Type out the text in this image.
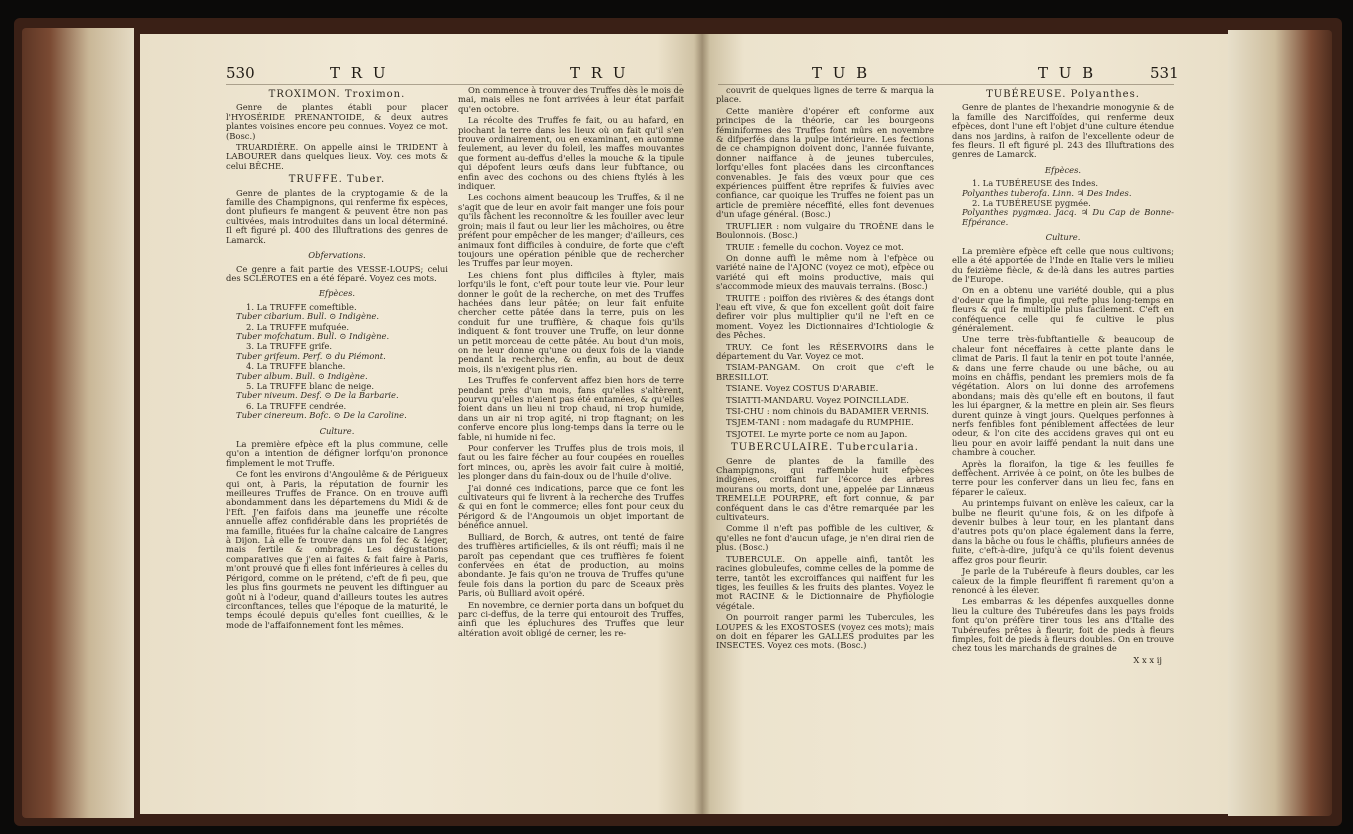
530	T R U	T R U

TROXIMON. Troximon.

Genre de plantes établi pour placer l'HYOSÉRIDE PRENANTOIDE, & deux autres plantes voisines encore peu connues. Voyez ce mot. (Bosc.)

TRUARDIÈRE. On appelle ainsi le TRIDENT à LABOURER dans quelques lieux. Voy. ces mots & celui BÊCHE.

TRUFFE. Tuber.

Genre de plantes de la cryptogamie & de la famille des Champignons, qui renferme fix espèces, dont plufieurs fe mangent & peuvent être non pas cultivées, mais introduites dans un local déterminé. Il eft figuré pl. 400 des Illuftrations des genres de Lamarck.

Obfervations.

Ce genre a fait partie des VESSE-LOUPS; celui des SCLÉROTES en a été féparé. Voyez ces mots.

Efpèces.

1. La TRUFFE comeftible.

Tuber cibarium. Bull. ⊙ Indigène.

2. La TRUFFE mufquée.

Tuber mofchatum. Bull. ⊙ Indigène.

3. La TRUFFE grife.

Tuber grifeum. Perf. ⊙ du Piémont.

4. La TRUFFE blanche.

Tuber album. Bull. ⊙ Indigène.

5. La TRUFFE blanc de neige.

Tuber niveum. Desf. ⊙ De la Barbarie.

6. La TRUFFE cendrée.

Tuber cinereum. Bofc. ⊙ De la Caroline.

Culture.

La première efpèce eft la plus commune, celle qu'on a intention de défigner lorfqu'on prononce fimplement le mot Truffe.

Ce font les environs d'Angoulême & de Périgueux qui ont, à Paris, la réputation de fournir les meilleures Truffes de France. On en trouve auffi abondamment dans les départemens du Midi & de l'Eft. J'en faifois dans ma jeuneffe une récolte annuelle affez confidérable dans les propriétés de ma famille, fituées fur la chaîne calcaire de Langres à Dijon. Là elle fe trouve dans un fol fec & léger, mais fertile & ombragé. Les dégustations comparatives que j'en ai faites & fait faire à Paris, m'ont prouvé que fi elles font inférieures à celles du Périgord, comme on le prétend, c'eft de fi peu, que les plus fins gourmets ne peuvent les diftinguer au goût ni à l'odeur, quand d'ailleurs toutes les autres circonftances, telles que l'époque de la maturité, le temps écoulé depuis qu'elles font cueillies, & le mode de l'affaifonnement font les mêmes.

On commence à trouver des Truffes dès le mois de mai, mais elles ne font arrivées à leur état parfait qu'en octobre.

La récolte des Truffes fe fait, ou au hafard, en piochant la terre dans les lieux où on fait qu'il s'en trouve ordinairement, ou en examinant, en automne feulement, au lever du foleil, les maffes mouvantes que forment au-deffus d'elles la mouche & la tipule qui dépofent leurs œufs dans leur fubftance, ou enfin avec des cochons ou des chiens ftylés à les indiquer.

Les cochons aiment beaucoup les Truffes, & il ne s'agit que de leur en avoir fait manger une fois pour qu'ils fâchent les reconnoître & les fouiller avec leur groin; mais il faut ou leur lier les mâchoires, ou être préfent pour empêcher de les manger; d'ailleurs, ces animaux font difficiles à conduire, de forte que c'eft toujours une opération pénible que de rechercher les Truffes par leur moyen.

Les chiens font plus difficiles à ftyler, mais lorfqu'ils le font, c'eft pour toute leur vie. Pour leur donner le goût de la recherche, on met des Truffes hachées dans leur pâtée; on leur fait enfuite chercher cette pâtée dans la terre, puis on les conduit fur une truffière, & chaque fois qu'ils indiquent & font trouver une Truffe, on leur donne un petit morceau de cette pâtée. Au bout d'un mois, on ne leur donne qu'une ou deux fois de la viande pendant la recherche, & enfin, au bout de deux mois, ils n'exigent plus rien.

Les Truffes fe confervent affez bien hors de terre pendant près d'un mois, fans qu'elles s'altèrent, pourvu qu'elles n'aient pas été entamées, & qu'elles foient dans un lieu ni trop chaud, ni trop humide, dans un air ni trop agité, ni trop ftagnant; on les conferve encore plus long-temps dans la terre ou le fable, ni humide ni fec.

Pour conferver les Truffes plus de trois mois, il faut ou les faire fécher au four coupées en rouelles fort minces, ou, après les avoir fait cuire à moitié, les plonger dans du fain-doux ou de l'huile d'olive.

J'ai donné ces indications, parce que ce font les cultivateurs qui fe livrent à la recherche des Truffes & qui en font le commerce; elles font pour ceux du Périgord & de l'Angoumois un objet important de bénéfice annuel.

Bulliard, de Borch, & autres, ont tenté de faire des truffières artificielles, & ils ont réuffi; mais il ne paroît pas cependant que ces truffières fe foient confervées en état de production, au moins abondante. Je fais qu'on ne trouva de Truffes qu'une feule fois dans la portion du parc de Sceaux près Paris, où Bulliard avoit opéré.

En novembre, ce dernier porta dans un bofquet du parc ci-deffus, de la terre qui entouroit des Truffes, ainfi que les épluchures des Truffes que leur altération avoit obligé de cerner, les re-

T U B	T U B	531

couvrit de quelques lignes de terre & marqua la place.

Cette manière d'opérer eft conforme aux principes de la théorie, car les bourgeons féminiformes des Truffes font mûrs en novembre & difperfés dans la pulpe intérieure. Les fections de ce champignon doivent donc, l'année fuivante, donner naiffance à de jeunes tubercules, lorfqu'elles font placées dans les circonftances convenables. Je fais des vœux pour que ces expériences puiffent être reprifes & fuivies avec confiance, car quoique les Truffes ne foient pas un article de première néceffité, elles font devenues d'un ufage général. (Bosc.)

TRUFLIER : nom vulgaire du TROÈNE dans le Boulonnois. (Bosc.)

TRUIE : femelle du cochon. Voyez ce mot.

On donne auffi le même nom à l'efpèce ou variété naine de l'AJONC (voyez ce mot), efpèce ou variété qui eft moins productive, mais qui s'accommode mieux des mauvais terrains. (Bosc.)

TRUITE : poiffon des rivières & des étangs dont l'eau eft vive, & que fon excellent goût doit faire defirer voir plus multiplier qu'il ne l'eft en ce moment. Voyez les Dictionnaires d'Ichtiologie & des Pêches.

TRUY. Ce font les RÉSERVOIRS dans le département du Var. Voyez ce mot.

TSIAM-PANGAM. On croit que c'eft le BRESILLOT.

TSIANE. Voyez COSTUS D'ARABIE.

TSIATTI-MANDARU. Voyez POINCILLADE.

TSI-CHU : nom chinois du BADAMIER VERNIS.

TSJEM-TANI : nom madagafe du RUMPHIE.

TSJOTEI. Le myrte porte ce nom au Japon.

TUBERCULAIRE. Tubercularia.

Genre de plantes de la famille des Champignons, qui raffemble huit efpèces indigènes, croiffant fur l'écorce des arbres mourans ou morts, dont une, appelée par Linnæus TREMELLE POURPRE, eft fort connue, & par conféquent dans le cas d'être remarquée par les cultivateurs.

Comme il n'eft pas poffible de les cultiver, & qu'elles ne font d'aucun ufage, je n'en dirai rien de plus. (Bosc.)

TUBERCULE. On appelle ainfi, tantôt les racines globuleufes, comme celles de la pomme de terre, tantôt les excroiffances qui naiffent fur les tiges, les feuilles & les fruits des plantes. Voyez le mot RACINE & le Dictionnaire de Phyfiologie végétale.

On pourroit ranger parmi les Tubercules, les LOUPES & les EXOSTOSES (voyez ces mots); mais on doit en féparer les GALLES produites par les INSECTES. Voyez ces mots. (Bosc.)

TUBÉREUSE. Polyanthes.

Genre de plantes de l'hexandrie monogynie & de la famille des Narciffoïdes, qui renferme deux efpèces, dont l'une eft l'objet d'une culture étendue dans nos jardins, à raifon de l'excellente odeur de fes fleurs. Il eft figuré pl. 243 des Illuftrations des genres de Lamarck.

Efpèces.

1. La TUBÉREUSE des Indes.

Polyanthes tuberofa. Linn. ♃ Des Indes.

2. La TUBÉREUSE pygmée.

Polyanthes pygmæa. Jacq. ♃ Du Cap de Bonne-Efpérance.

Culture.

La première efpèce eft celle que nous cultivons; elle a été apportée de l'Inde en Italie vers le milieu du feizième fiècle, & de-là dans les autres parties de l'Europe.

On en a obtenu une variété double, qui a plus d'odeur que la fimple, qui refte plus long-temps en fleurs & qui fe multiplie plus facilement. C'eft en conféquence celle qui fe cultive le plus généralement.

Une terre très-fubftantielle & beaucoup de chaleur font néceffaires à cette plante dans le climat de Paris. Il faut la tenir en pot toute l'année, & dans une ferre chaude ou une bâche, ou au moins en châffis, pendant les premiers mois de fa végétation. Alors on lui donne des arrofemens abondans; mais dès qu'elle eft en boutons, il faut les lui épargner, & la mettre en plein air. Ses fleurs durent quinze à vingt jours. Quelques perfonnes à nerfs fenfibles font péniblement affectées de leur odeur, & l'on cite des accidens graves qui ont eu lieu pour en avoir laiffé pendant la nuit dans une chambre à coucher.

Après la floraifon, la tige & les feuilles fe deffèchent. Arrivée à ce point, on ôte les bulbes de terre pour les conferver dans un lieu fec, fans en féparer le caïeux.

Au printemps fuivant on enlève les caïeux, car la bulbe ne fleurit qu'une fois, & on les difpofe à devenir bulbes à leur tour, en les plantant dans d'autres pots qu'on place également dans la ferre, dans la bâche ou fous le châffis, plufieurs années de fuite, c'eft-à-dire, jufqu'à ce qu'ils foient devenus affez gros pour fleurir.

Je parle de la Tubéreufe à fleurs doubles, car les caïeux de la fimple fleuriffent fi rarement qu'on a renoncé à les élever.

Les embarras & les dépenfes auxquelles donne lieu la culture des Tubéreufes dans les pays froids font qu'on préfère tirer tous les ans d'Italie des Tubéreufes prêtes à fleurir, foit de pieds à fleurs fimples, foit de pieds à fleurs doubles. On en trouve chez tous les marchands de graines de

X x x ij
